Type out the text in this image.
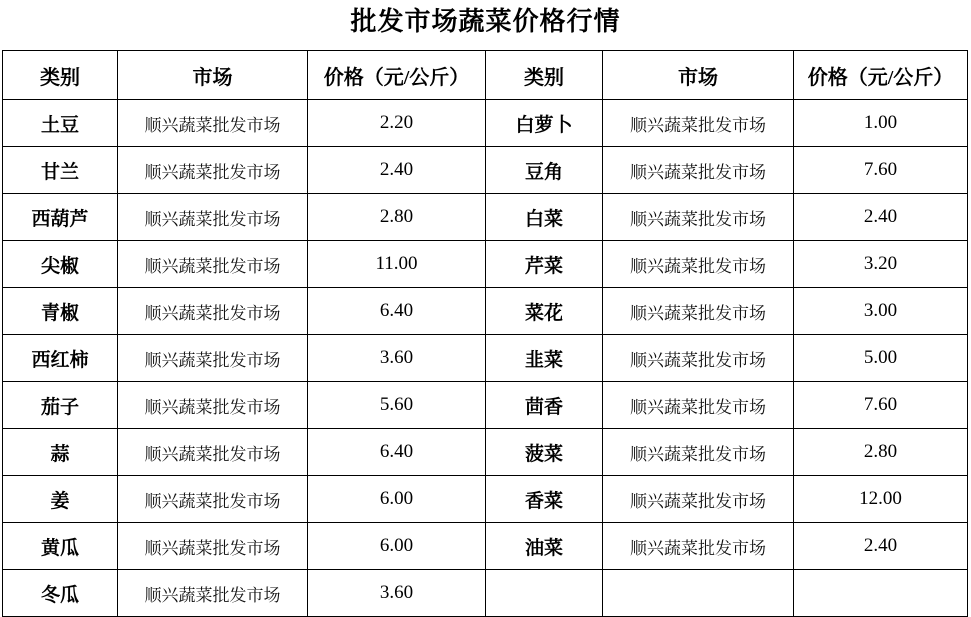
批发市场蔬菜价格行情
类别	市场	价格（元/公斤）	类别	市场	价格（元/公斤）
土豆	顺兴蔬菜批发市场	2.20	白萝卜	顺兴蔬菜批发市场	1.00
甘兰	顺兴蔬菜批发市场	2.40	豆角	顺兴蔬菜批发市场	7.60
西葫芦	顺兴蔬菜批发市场	2.80	白菜	顺兴蔬菜批发市场	2.40
尖椒	顺兴蔬菜批发市场	11.00	芹菜	顺兴蔬菜批发市场	3.20
青椒	顺兴蔬菜批发市场	6.40	菜花	顺兴蔬菜批发市场	3.00
西红柿	顺兴蔬菜批发市场	3.60	韭菜	顺兴蔬菜批发市场	5.00
茄子	顺兴蔬菜批发市场	5.60	茴香	顺兴蔬菜批发市场	7.60
蒜	顺兴蔬菜批发市场	6.40	菠菜	顺兴蔬菜批发市场	2.80
姜	顺兴蔬菜批发市场	6.00	香菜	顺兴蔬菜批发市场	12.00
黄瓜	顺兴蔬菜批发市场	6.00	油菜	顺兴蔬菜批发市场	2.40
冬瓜	顺兴蔬菜批发市场	3.60			
